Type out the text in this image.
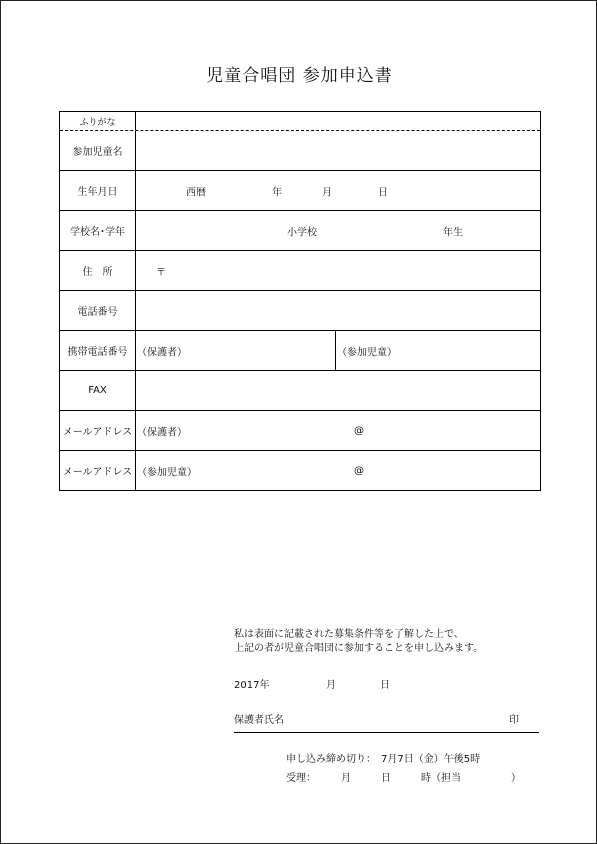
児童合唱団 参加申込書
ふりがな
参加児童名
生年月日	西暦	年	月	日
学校名･学年	小学校	年生
住　所	〒
電話番号
携帯電話番号 （保護者）	（参加児童）
FAX
メールアドレス （保護者）	@
メールアドレス （参加児童）	@
私は表面に記載された募集条件等を了解した上で、
上記の者が児童合唱団に参加することを申し込みます。
2017年	月	日
保護者氏名	印
申し込み締め切り：　7月7日（金）午後5時
受理：　　　月　　　日　　　時（担当　　　　　）
